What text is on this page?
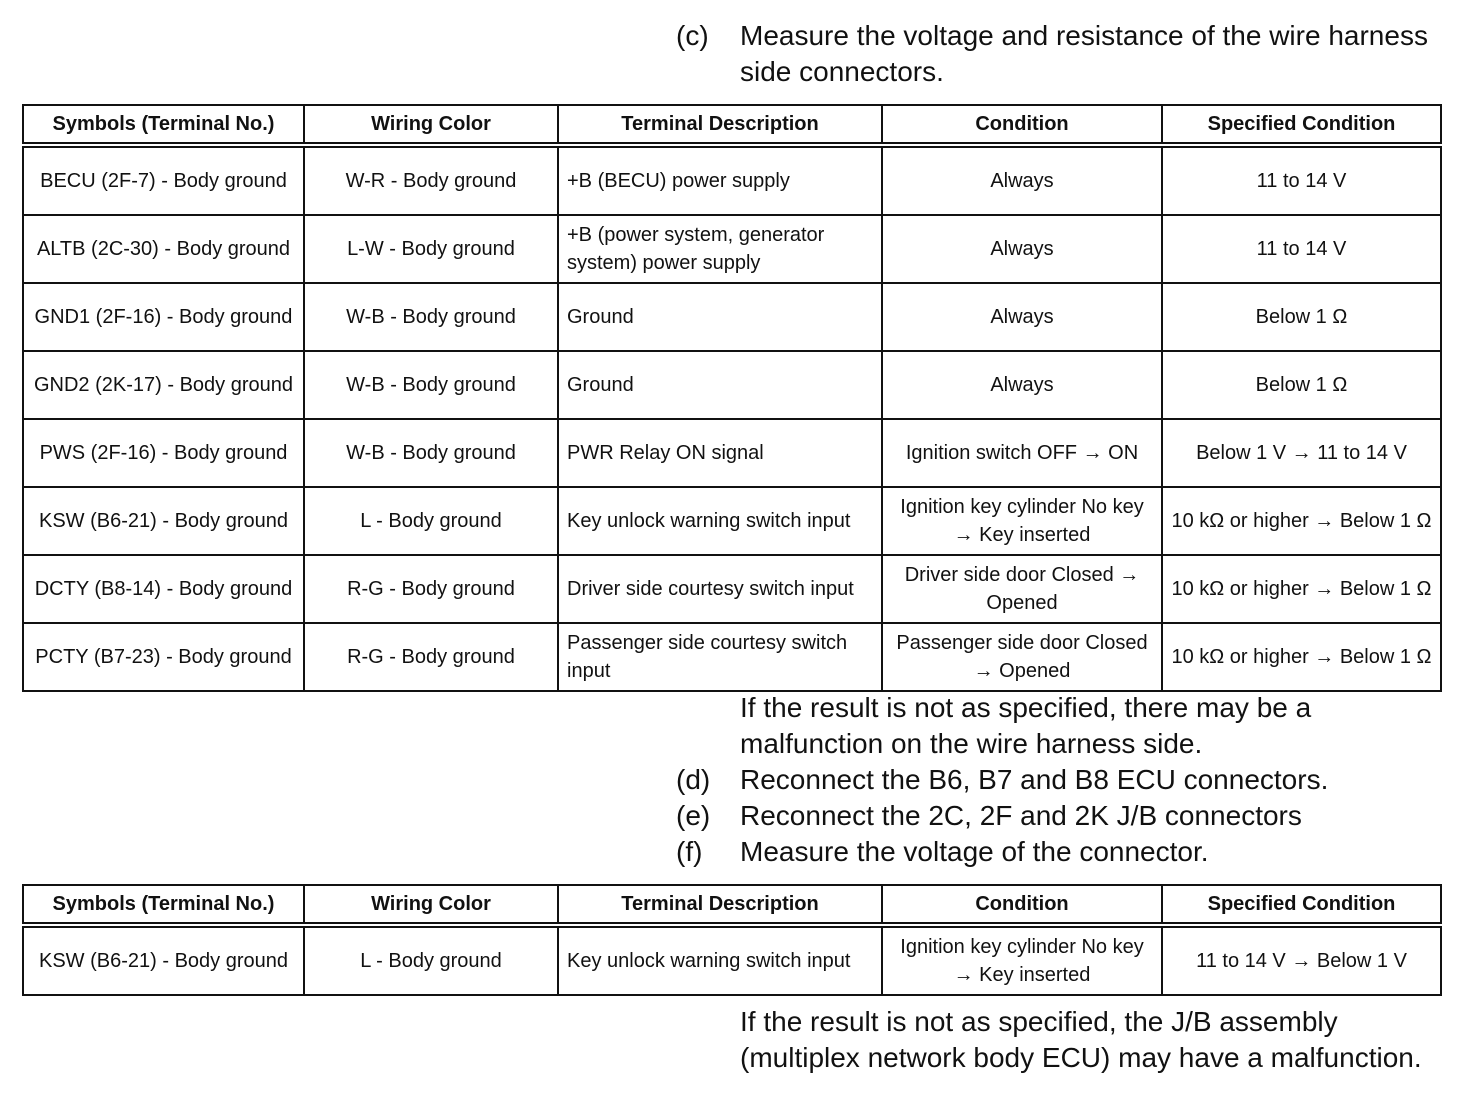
(c)	Measure the voltage and resistance of the wire harness side connectors.
Symbols (Terminal No.)	Wiring Color	Terminal Description	Condition	Specified Condition
BECU (2F-7) - Body ground	W-R - Body ground	+B (BECU) power supply	Always	11 to 14 V
ALTB (2C-30) - Body ground	L-W - Body ground	+B (power system, generator system) power supply	Always	11 to 14 V
GND1 (2F-16) - Body ground	W-B - Body ground	Ground	Always	Below 1 Ω
GND2 (2K-17) - Body ground	W-B - Body ground	Ground	Always	Below 1 Ω
PWS (2F-16) - Body ground	W-B - Body ground	PWR Relay ON signal	Ignition switch OFF → ON	Below 1 V → 11 to 14 V
KSW (B6-21) - Body ground	L - Body ground	Key unlock warning switch input	Ignition key cylinder No key → Key inserted	10 kΩ or higher → Below 1 Ω
DCTY (B8-14) - Body ground	R-G - Body ground	Driver side courtesy switch input	Driver side door Closed → Opened	10 kΩ or higher → Below 1 Ω
PCTY (B7-23) - Body ground	R-G - Body ground	Passenger side courtesy switch input	Passenger side door Closed → Opened	10 kΩ or higher → Below 1 Ω
If the result is not as specified, there may be a malfunction on the wire harness side.
(d)	Reconnect the B6, B7 and B8 ECU connectors.
(e)	Reconnect the 2C, 2F and 2K J/B connectors
(f)	Measure the voltage of the connector.
Symbols (Terminal No.)	Wiring Color	Terminal Description	Condition	Specified Condition
KSW (B6-21) - Body ground	L - Body ground	Key unlock warning switch input	Ignition key cylinder No key → Key inserted	11 to 14 V → Below 1 V
If the result is not as specified, the J/B assembly (multiplex network body ECU) may have a malfunction.
